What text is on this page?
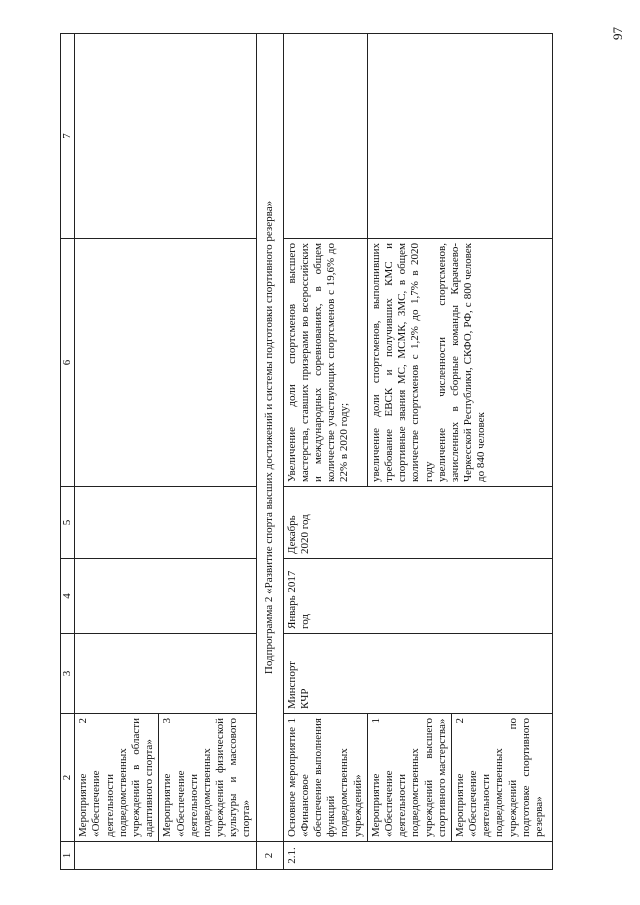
97
1	2	3	4	5	6	7
	Мероприятие 2 «Обеспечение деятельности подведомственных учреждений в области адаптивного спорта»					
	Мероприятие 3 «Обеспечение деятельности подведомственных учреждений физической культуры и массового спорта»					
2	Подпрограмма 2 «Развитие спорта высших достижений и системы подготовки спортивного резерва»					
2.1.	Основное мероприятие 1 «Финансовое обеспечение выполнения функций подведомственных учреждений»	Минспорт КЧР	Январь 2017 год	Декабрь 2020 год	Увеличение доли спортсменов высшего мастерства, ставших призерами во всероссийских и международных соревнованиях, в общем количестве участвующих спортсменов с 19,6% до 22% в 2020 году;	
	Мероприятие 1 «Обеспечение деятельности подведомственных учреждений высшего спортивного мастерства»				увеличение доли спортсменов, выполнивших требование ЕВСК и получивших КМС и спортивные звания МС, МСМК, ЗМС, в общем количестве спортсменов с 1,2% до 1,7% в 2020 году увеличение численности спортсменов, зачисленных в сборные команды Карачаево-Черкесской Республики, СКФО, РФ, с 800 человек до 840 человек	

	Мероприятие 2 «Обеспечение деятельности подведомственных учреждений по подготовке спортивного резерва»					
